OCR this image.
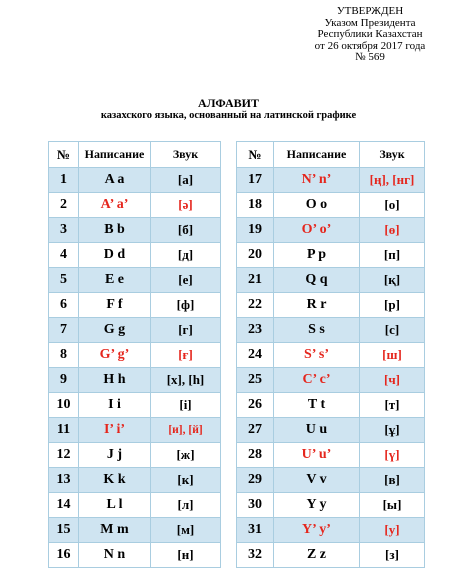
УТВЕРЖДЕН
Указом Президента
Республики Казахстан
от 26 октября 2017 года
№ 569
АЛФАВИТ
казахского языка, основанный на латинской графике
№	Написание	Звук
1	A a	[а]
2	A’ a’	[ә]
3	B b	[б]
4	D d	[д]
5	E e	[е]
6	F f	[ф]
7	G g	[г]
8	G’ g’	[ғ]
9	H h	[х], [h]
10	I i	[і]
11	I’ i’	[и], [й]
12	J j	[ж]
13	K k	[к]
14	L l	[л]
15	M m	[м]
16	N n	[н]
№	Написание	Звук
17	N’ n’	[ң], [нг]
18	O o	[о]
19	O’ o’	[ө]
20	P p	[п]
21	Q q	[қ]
22	R r	[р]
23	S s	[с]
24	S’ s’	[ш]
25	C’ c’	[ч]
26	T t	[т]
27	U u	[ұ]
28	U’ u’	[ү]
29	V v	[в]
30	Y y	[ы]
31	Y’ y’	[у]
32	Z z	[з]
